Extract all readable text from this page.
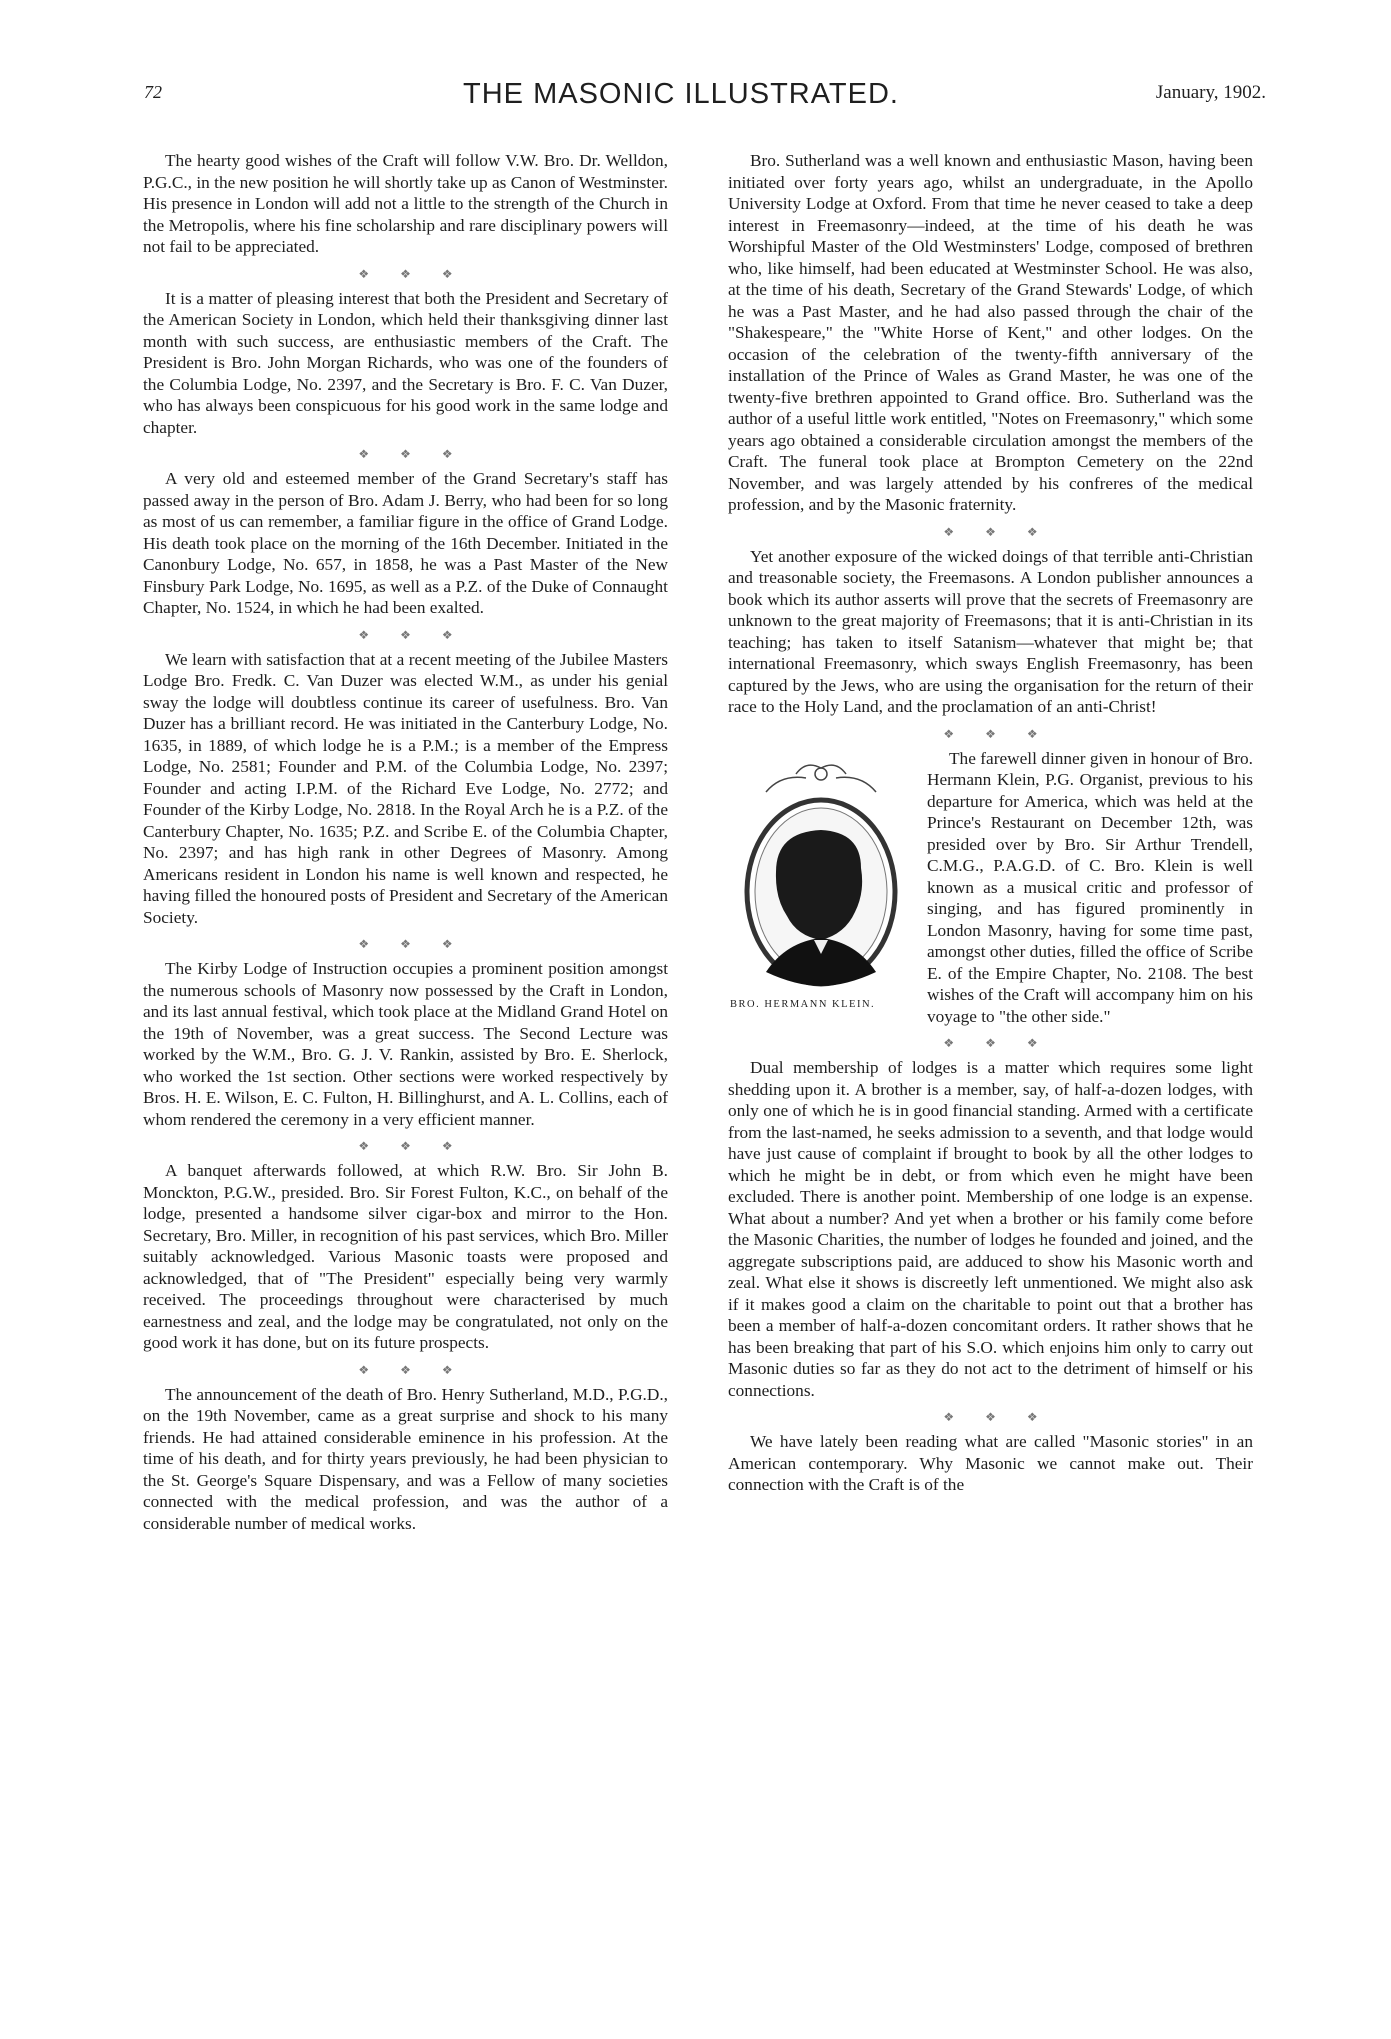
72	THE MASONIC ILLUSTRATED.	January, 1902.

The hearty good wishes of the Craft will follow V.W. Bro. Dr. Welldon, P.G.C., in the new position he will shortly take up as Canon of Westminster. His presence in London will add not a little to the strength of the Church in the Metropolis, where his fine scholarship and rare disciplinary powers will not fail to be appreciated.

❖ ❖ ❖

It is a matter of pleasing interest that both the President and Secretary of the American Society in London, which held their thanksgiving dinner last month with such success, are enthusiastic members of the Craft. The President is Bro. John Morgan Richards, who was one of the founders of the Columbia Lodge, No. 2397, and the Secretary is Bro. F. C. Van Duzer, who has always been conspicuous for his good work in the same lodge and chapter.

❖ ❖ ❖

A very old and esteemed member of the Grand Secretary's staff has passed away in the person of Bro. Adam J. Berry, who had been for so long as most of us can remember, a familiar figure in the office of Grand Lodge. His death took place on the morning of the 16th December. Initiated in the Canonbury Lodge, No. 657, in 1858, he was a Past Master of the New Finsbury Park Lodge, No. 1695, as well as a P.Z. of the Duke of Connaught Chapter, No. 1524, in which he had been exalted.

❖ ❖ ❖

We learn with satisfaction that at a recent meeting of the Jubilee Masters Lodge Bro. Fredk. C. Van Duzer was elected W.M., as under his genial sway the lodge will doubtless continue its career of usefulness. Bro. Van Duzer has a brilliant record. He was initiated in the Canterbury Lodge, No. 1635, in 1889, of which lodge he is a P.M.; is a member of the Empress Lodge, No. 2581; Founder and P.M. of the Columbia Lodge, No. 2397; Founder and acting I.P.M. of the Richard Eve Lodge, No. 2772; and Founder of the Kirby Lodge, No. 2818. In the Royal Arch he is a P.Z. of the Canterbury Chapter, No. 1635; P.Z. and Scribe E. of the Columbia Chapter, No. 2397; and has high rank in other Degrees of Masonry. Among Americans resident in London his name is well known and respected, he having filled the honoured posts of President and Secretary of the American Society.

❖ ❖ ❖

The Kirby Lodge of Instruction occupies a prominent position amongst the numerous schools of Masonry now possessed by the Craft in London, and its last annual festival, which took place at the Midland Grand Hotel on the 19th of November, was a great success. The Second Lecture was worked by the W.M., Bro. G. J. V. Rankin, assisted by Bro. E. Sherlock, who worked the 1st section. Other sections were worked respectively by Bros. H. E. Wilson, E. C. Fulton, H. Billinghurst, and A. L. Collins, each of whom rendered the ceremony in a very efficient manner.

❖ ❖ ❖

A banquet afterwards followed, at which R.W. Bro. Sir John B. Monckton, P.G.W., presided. Bro. Sir Forest Fulton, K.C., on behalf of the lodge, presented a handsome silver cigar-box and mirror to the Hon. Secretary, Bro. Miller, in recognition of his past services, which Bro. Miller suitably acknowledged. Various Masonic toasts were proposed and acknowledged, that of "The President" especially being very warmly received. The proceedings throughout were characterised by much earnestness and zeal, and the lodge may be congratulated, not only on the good work it has done, but on its future prospects.

❖ ❖ ❖

The announcement of the death of Bro. Henry Sutherland, M.D., P.G.D., on the 19th November, came as a great surprise and shock to his many friends. He had attained considerable eminence in his profession. At the time of his death, and for thirty years previously, he had been physician to the St. George's Square Dispensary, and was a Fellow of many societies connected with the medical profession, and was the author of a considerable number of medical works.

Bro. Sutherland was a well known and enthusiastic Mason, having been initiated over forty years ago, whilst an undergraduate, in the Apollo University Lodge at Oxford. From that time he never ceased to take a deep interest in Freemasonry—indeed, at the time of his death he was Worshipful Master of the Old Westminsters' Lodge, composed of brethren who, like himself, had been educated at Westminster School. He was also, at the time of his death, Secretary of the Grand Stewards' Lodge, of which he was a Past Master, and he had also passed through the chair of the "Shakespeare," the "White Horse of Kent," and other lodges. On the occasion of the celebration of the twenty-fifth anniversary of the installation of the Prince of Wales as Grand Master, he was one of the twenty-five brethren appointed to Grand office. Bro. Sutherland was the author of a useful little work entitled, "Notes on Freemasonry," which some years ago obtained a considerable circulation amongst the members of the Craft. The funeral took place at Brompton Cemetery on the 22nd November, and was largely attended by his confreres of the medical profession, and by the Masonic fraternity.

❖ ❖ ❖

Yet another exposure of the wicked doings of that terrible anti-Christian and treasonable society, the Freemasons. A London publisher announces a book which its author asserts will prove that the secrets of Freemasonry are unknown to the great majority of Freemasons; that it is anti-Christian in its teaching; has taken to itself Satanism—whatever that might be; that international Freemasonry, which sways English Freemasonry, has been captured by the Jews, who are using the organisation for the return of their race to the Holy Land, and the proclamation of an anti-Christ!

❖ ❖ ❖
BRO. HERMANN KLEIN.

The farewell dinner given in honour of Bro. Hermann Klein, P.G. Organist, previous to his departure for America, which was held at the Prince's Restaurant on December 12th, was presided over by Bro. Sir Arthur Trendell, C.M.G., P.A.G.D. of C. Bro. Klein is well known as a musical critic and professor of singing, and has figured prominently in London Masonry, having for some time past, amongst other duties, filled the office of Scribe E. of the Empire Chapter, No. 2108. The best wishes of the Craft will accompany him on his voyage to "the other side."

❖ ❖ ❖

Dual membership of lodges is a matter which requires some light shedding upon it. A brother is a member, say, of half-a-dozen lodges, with only one of which he is in good financial standing. Armed with a certificate from the last-named, he seeks admission to a seventh, and that lodge would have just cause of complaint if brought to book by all the other lodges to which he might be in debt, or from which even he might have been excluded. There is another point. Membership of one lodge is an expense. What about a number? And yet when a brother or his family come before the Masonic Charities, the number of lodges he founded and joined, and the aggregate subscriptions paid, are adduced to show his Masonic worth and zeal. What else it shows is discreetly left unmentioned. We might also ask if it makes good a claim on the charitable to point out that a brother has been a member of half-a-dozen concomitant orders. It rather shows that he has been breaking that part of his S.O. which enjoins him only to carry out Masonic duties so far as they do not act to the detriment of himself or his connections.

❖ ❖ ❖

We have lately been reading what are called "Masonic stories" in an American contemporary. Why Masonic we cannot make out. Their connection with the Craft is of the
